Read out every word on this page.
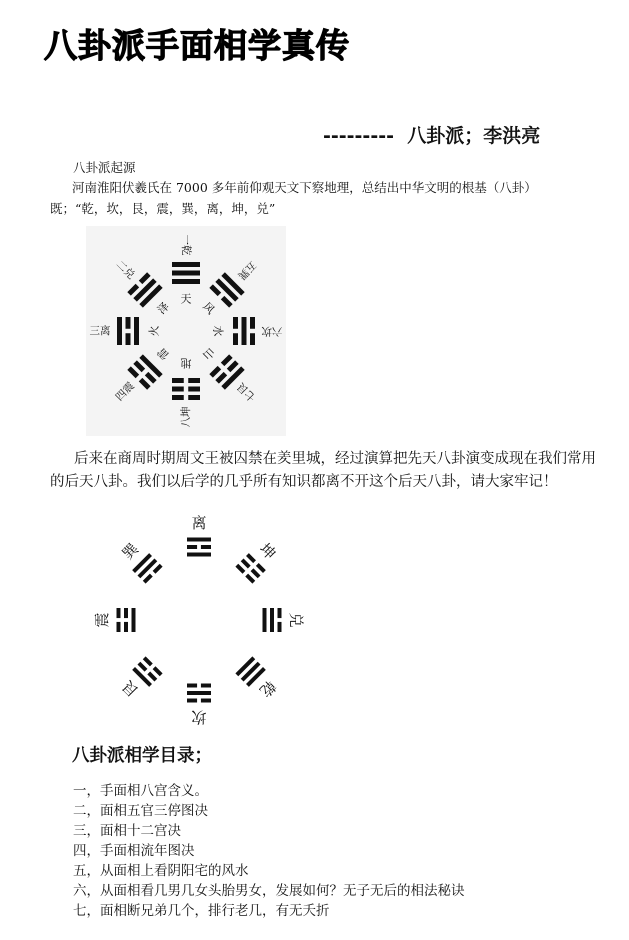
八卦派手面相学真传
---------  八卦派；李洪亮
八卦派起源
河南淮阳伏羲氏在 7000 多年前仰观天文下察地理，总结出中华文明的根基（八卦）既；“乾，坎，艮，震，巽，离，坤，兑”
天
风
水
山
地
雷
火
泽
一乾
五巽
六坎
七艮
八坤
四震
三离
二兑
后来在商周时期周文王被囚禁在羑里城，经过演算把先天八卦演变成现在我们常用的后天八卦。我们以后学的几乎所有知识都离不开这个后天八卦，请大家牢记！
离
坤
兑
乾
坎
艮
震
巽
八卦派相学目录；
一，手面相八宫含义。
二，面相五官三停图决
三，面相十二宫决
四，手面相流年图决
五，从面相上看阴阳宅的风水
六，从面相看几男几女头胎男女，发展如何？无子无后的相法秘诀
七，面相断兄弟几个，排行老几，有无夭折
